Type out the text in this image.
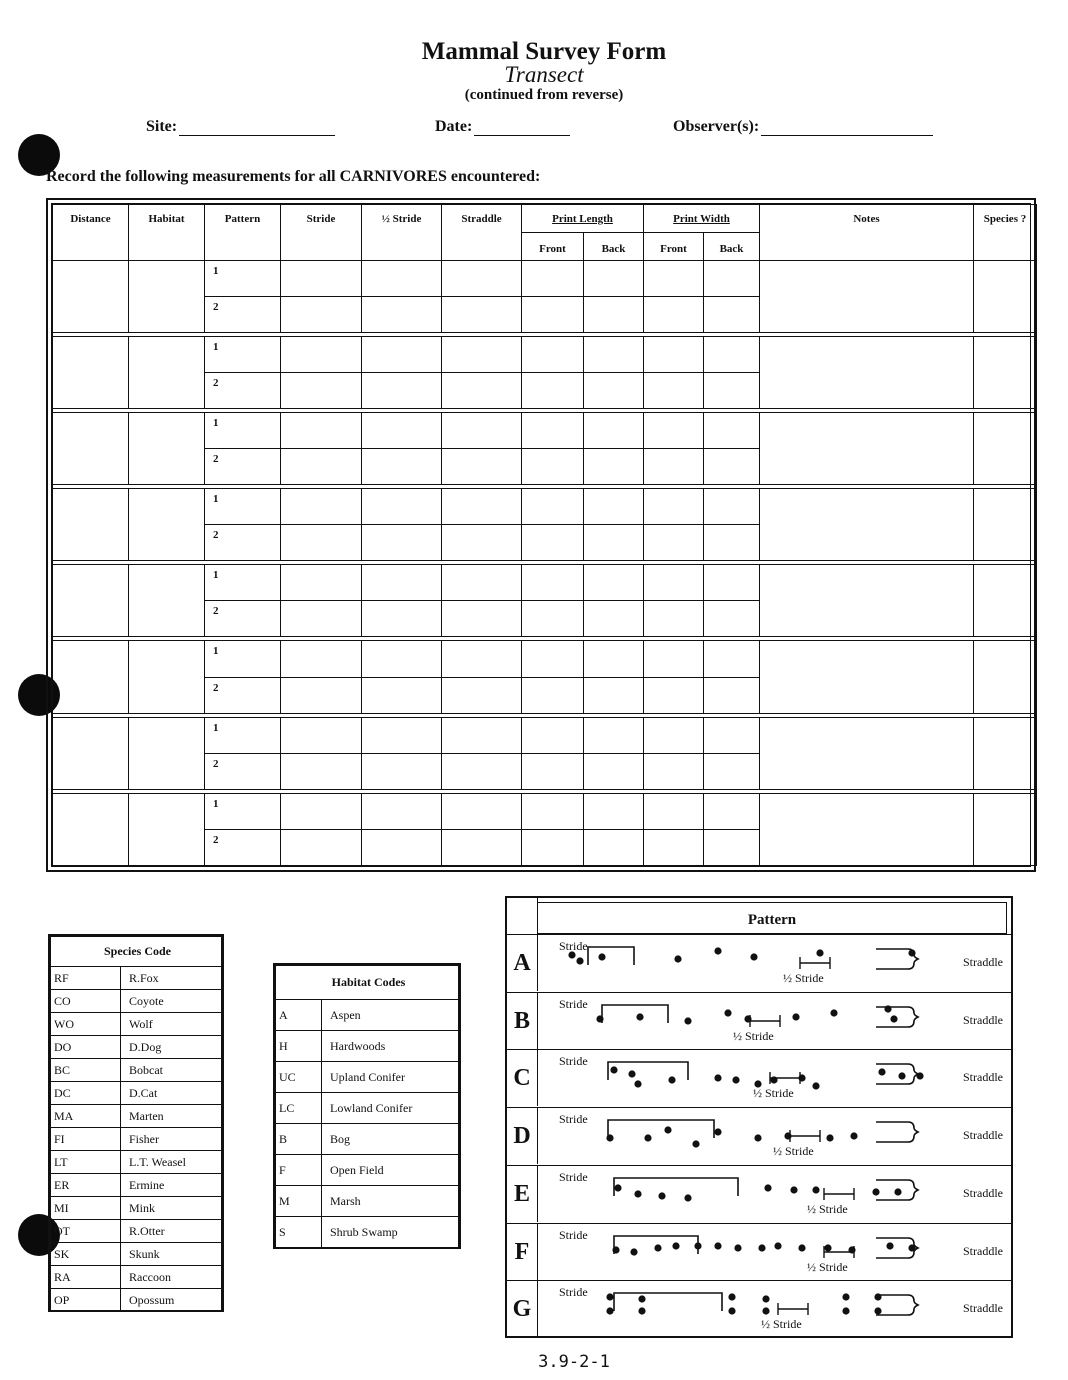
Mammal Survey Form
Transect
(continued from reverse)
Site:	Date:	Observer(s):
Record the following measurements for all CARNIVORES encountered:
Distance	Habitat	Pattern	Stride	½ Stride	Straddle	Print Length		Print Width		Notes	Species ?
						Front	Back	Front	Back		
		1									
		2									

		1									
		2									

		1									
		2									

		1									
		2									

		1									
		2									

		1									
		2									

		1									
		2									

		1									
		2									
Species Code	
RF	R.Fox
CO	Coyote
WO	Wolf
DO	D.Dog
BC	Bobcat
DC	D.Cat
MA	Marten
FI	Fisher
LT	L.T. Weasel
ER	Ermine
MI	Mink
OT	R.Otter
SK	Skunk
RA	Raccoon
OP	Opossum
Habitat Codes	
A	Aspen
H	Hardwoods
UC	Upland Conifer
LC	Lowland Conifer
B	Bog
F	Open Field
M	Marsh
S	Shrub Swamp
Pattern
A
Stride
½ Stride
Straddle
B
Stride
½ Stride
Straddle
C
Stride
½ Stride
Straddle
D
Stride
½ Stride
Straddle
E
Stride
½ Stride
Straddle
F
Stride
½ Stride
Straddle
G
Stride
½ Stride
Straddle
3.9-2-1
